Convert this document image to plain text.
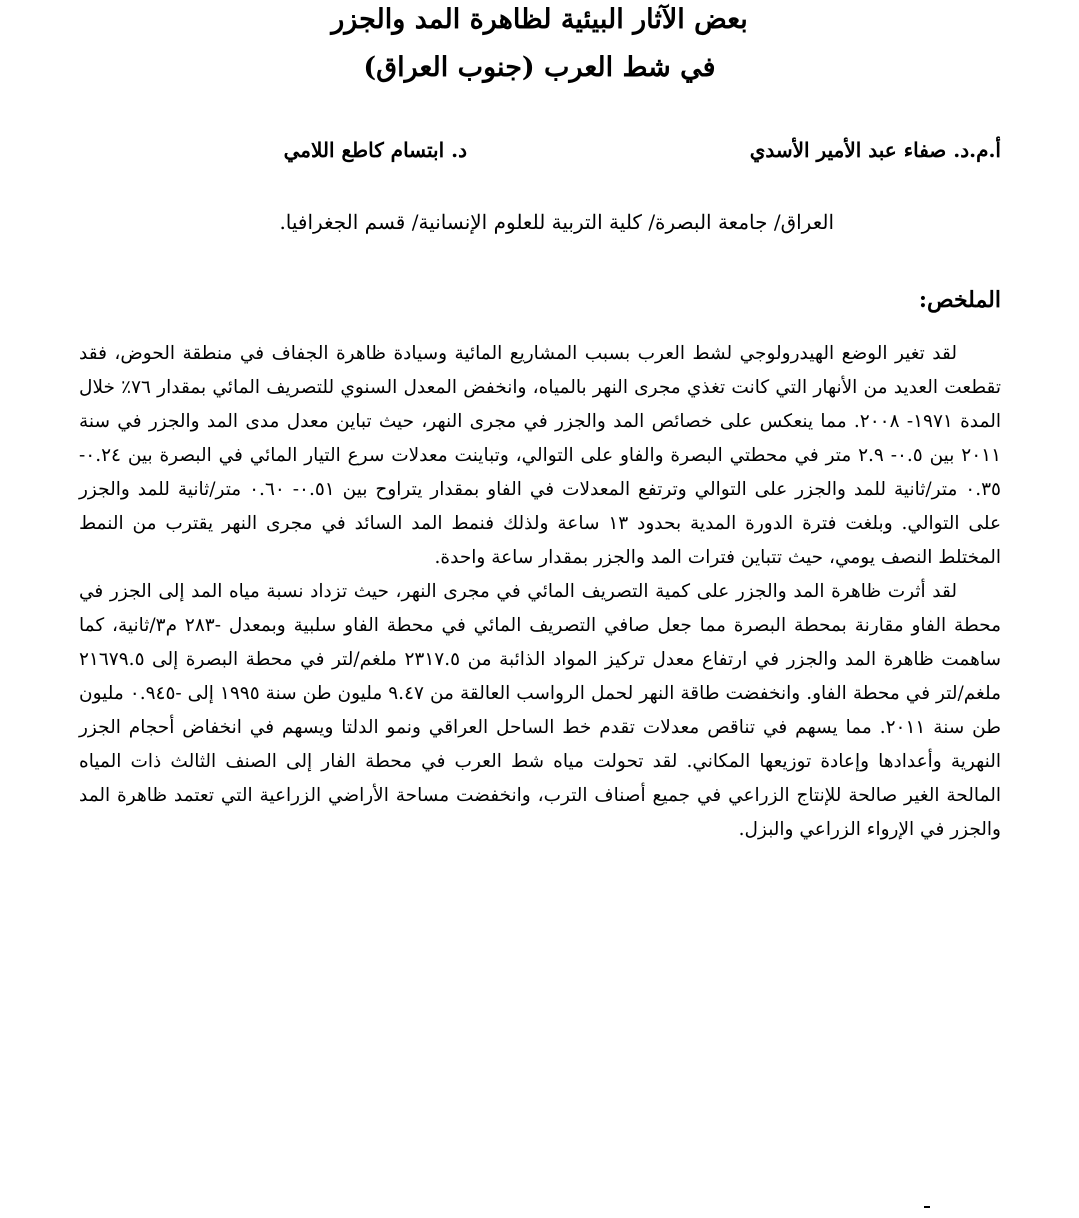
بعض الآثار البيئية لظاهرة المد والجزر
في شط العرب (جنوب العراق)
أ.م.د. صفاء عبد الأمير الأسدي
د. ابتسام كاطع اللامي
العراق/ جامعة البصرة/ كلية التربية للعلوم الإنسانية/ قسم الجغرافيا.
الملخص:

لقد تغير الوضع الهيدرولوجي لشط العرب بسبب المشاريع المائية وسيادة ظاهرة الجفاف في منطقة الحوض، فقد تقطعت العديد من الأنهار التي كانت تغذي مجرى النهر بالمياه، وانخفض المعدل السنوي للتصريف المائي بمقدار ٧٦٪ خلال المدة ١٩٧١- ٢٠٠٨. مما ينعكس على خصائص المد والجزر في مجرى النهر، حيث تباين معدل مدى المد والجزر في سنة ٢٠١١ بين ٠.٥- ٢.٩ متر في محطتي البصرة والفاو على التوالي، وتباينت معدلات سرع التيار المائي في البصرة بين ٠.٢٤- ٠.٣٥ متر/ثانية للمد والجزر على التوالي وترتفع المعدلات في الفاو بمقدار يتراوح بين ٠.٥١- ٠.٦٠ متر/ثانية للمد والجزر على التوالي. وبلغت فترة الدورة المدية بحدود ١٣ ساعة ولذلك فنمط المد السائد في مجرى النهر يقترب من النمط المختلط النصف يومي، حيث تتباين فترات المد والجزر بمقدار ساعة واحدة.

لقد أثرت ظاهرة المد والجزر على كمية التصريف المائي في مجرى النهر، حيث تزداد نسبة مياه المد إلى الجزر في محطة الفاو مقارنة بمحطة البصرة مما جعل صافي التصريف المائي في محطة الفاو سلبية وبمعدل -٢٨٣ م٣/ثانية، كما ساهمت ظاهرة المد والجزر في ارتفاع معدل تركيز المواد الذائبة من ٢٣١٧.٥ ملغم/لتر في محطة البصرة إلى ٢١٦٧٩.٥ ملغم/لتر في محطة الفاو. وانخفضت طاقة النهر لحمل الرواسب العالقة من ٩.٤٧ مليون طن سنة ١٩٩٥ إلى -٠.٩٤٥ مليون طن سنة ٢٠١١. مما يسهم في تناقص معدلات تقدم خط الساحل العراقي ونمو الدلتا ويسهم في انخفاض أحجام الجزر النهرية وأعدادها وإعادة توزيعها المكاني. لقد تحولت مياه شط العرب في محطة الفار إلى الصنف الثالث ذات المياه المالحة الغير صالحة للإنتاج الزراعي في جميع أصناف الترب، وانخفضت مساحة الأراضي الزراعية التي تعتمد ظاهرة المد والجزر في الإرواء الزراعي والبزل.
